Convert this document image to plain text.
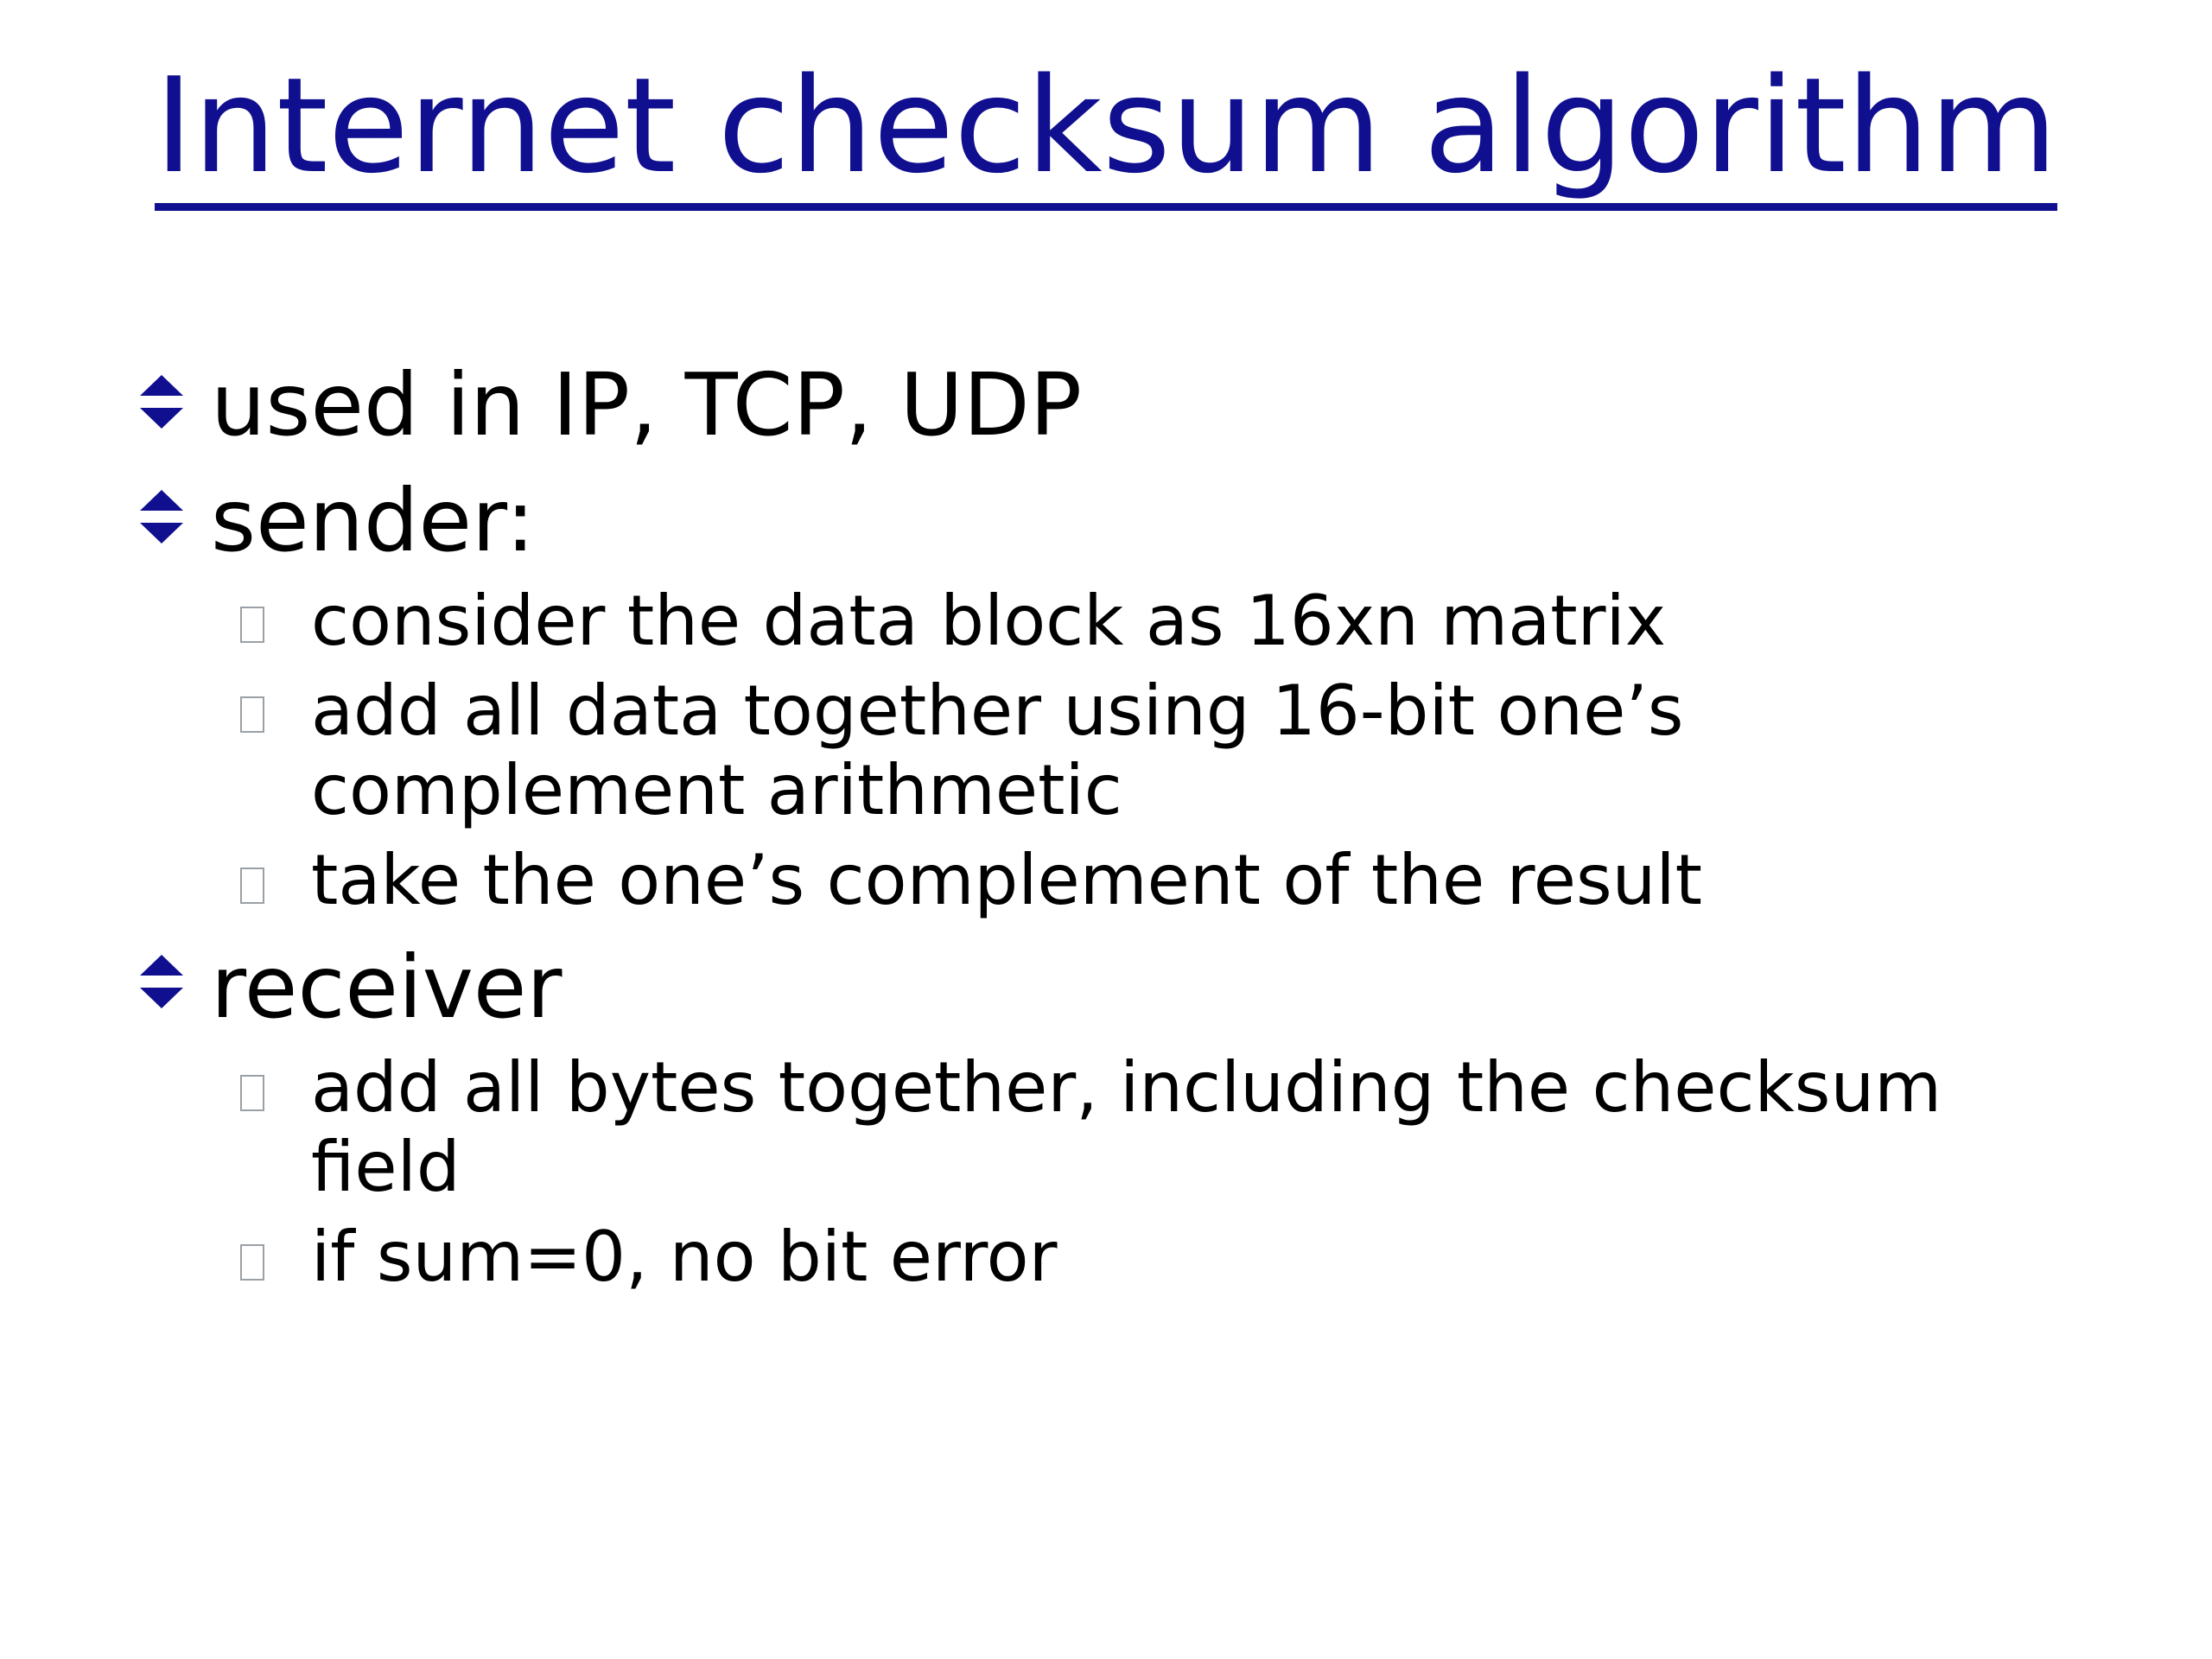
Internet checksum algorithm
used in IP, TCP, UDP
sender:
consider the data block as 16xn matrix
add all data together using 16-bit one’s
complement arithmetic
take the one’s complement of the result
receiver
add all bytes together, including the checksum
field
if sum=0, no bit error
